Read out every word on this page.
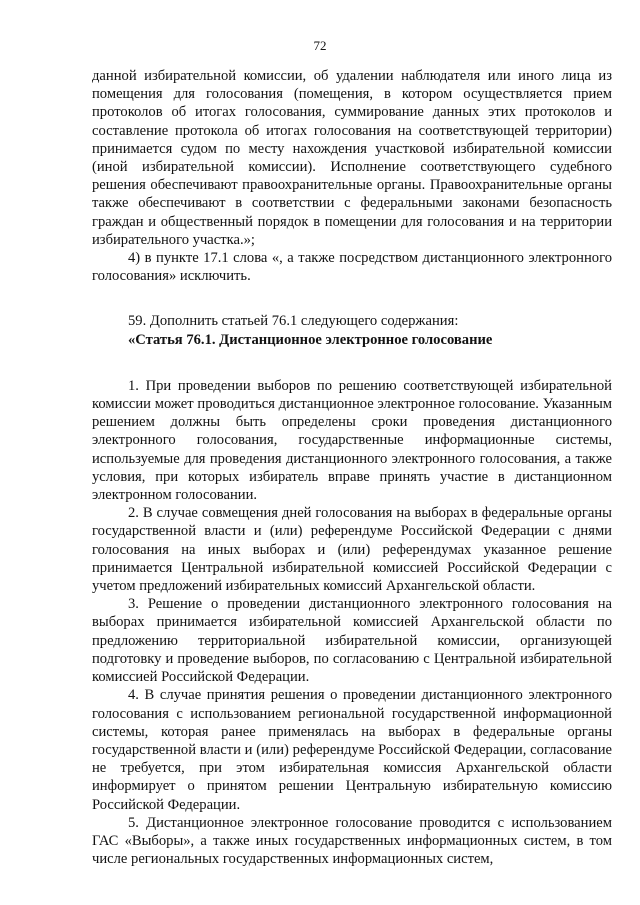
72

данной избирательной комиссии, об удалении наблюдателя или иного лица из помещения для голосования (помещения, в котором осуществляется прием протоколов об итогах голосования, суммирование данных этих протоколов и составление протокола об итогах голосования на соответствующей территории) принимается судом по месту нахождения участковой избирательной комиссии (иной избирательной комиссии). Исполнение соответствующего судебного решения обеспечивают правоохранительные органы. Правоохранительные органы также обеспечивают в соответствии с федеральными законами безопасность граждан и общественный порядок в помещении для голосования и на территории избирательного участка.»;

4) в пункте 17.1 слова «, а также посредством дистанционного электронного голосования» исключить.

59. Дополнить статьей 76.1 следующего содержания:

«Статья 76.1. Дистанционное электронное голосование

1. При проведении выборов по решению соответствующей избирательной комиссии может проводиться дистанционное электронное голосование. Указанным решением должны быть определены сроки проведения дистанционного электронного голосования, государственные информационные системы, используемые для проведения дистанционного электронного голосования, а также условия, при которых избиратель вправе принять участие в дистанционном электронном голосовании.

2. В случае совмещения дней голосования на выборах в федеральные органы государственной власти и (или) референдуме Российской Федерации с днями голосования на иных выборах и (или) референдумах указанное решение принимается Центральной избирательной комиссией Российской Федерации с учетом предложений избирательных комиссий Архангельской области.

3. Решение о проведении дистанционного электронного голосования на выборах принимается избирательной комиссией Архангельской области по предложению территориальной избирательной комиссии, организующей подготовку и проведение выборов, по согласованию с Центральной избирательной комиссией Российской Федерации.

4. В случае принятия решения о проведении дистанционного электронного голосования с использованием региональной государственной информационной системы, которая ранее применялась на выборах в федеральные органы государственной власти и (или) референдуме Российской Федерации, согласование не требуется, при этом избирательная комиссия Архангельской области информирует о принятом решении Центральную избирательную комиссию Российской Федерации.

5. Дистанционное электронное голосование проводится с использованием ГАС «Выборы», а также иных государственных информационных систем, в том числе региональных государственных информационных систем,
